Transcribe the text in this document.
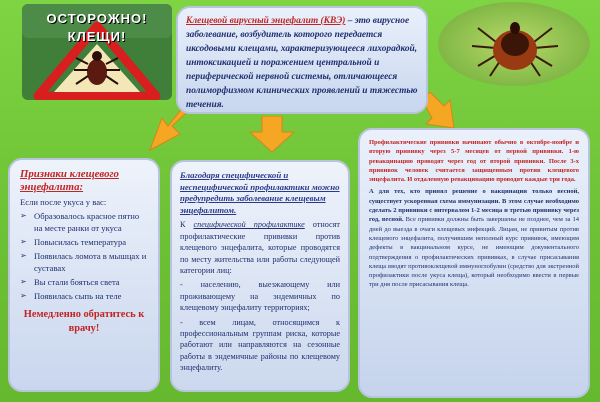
ОСТОРОЖНО!
КЛЕЩИ!
Клещевой вирусный энцефалит (КВЭ) – это вирусное заболевание, возбудитель которого передается иксодовыми клещами, характеризующееся лихорадкой, интоксикацией и поражением центральной и периферической нервной системы, отличающееся полиморфизмом клинических проявлений и тяжестью течения.
Признаки клещевого энцефалита:
Если после укуса у вас:
➢ Образовалось красное пятно на месте ранки от укуса
➢ Повысилась температура
➢ Появилась ломота в мышцах и суставах
➢ Вы стали бояться света
➢ Появилась сыпь на теле
Немедленно обратитесь к врачу!
Благодаря специфической и неспецифической профилактики можно предупредить заболевание клещевым энцефалитом.

К специфической профилактике относят профилактические прививки против клещевого энцефалита, которые проводятся по месту жительства или работы следующей категории лиц:

- населению, выезжающему или проживающему на эндемичных по клещевому энцефалиту территориях;

- всем лицам, относящимся к профессиональным группам риска, которые работают или направляются на сезонные работы в эндемичные районы по клещевому энцефалиту.

Профилактические прививки начинают обычно в октябре-ноябре и вторую прививку через 5-7 месяцев от первой прививки. 1-ю ревакцинацию проводят через год от второй прививки. После 3-х прививок человек считается защищенным против клещевого энцефалита. И отдаленную ревакцинацию проводят каждые три года.

А для тех, кто принял решение о вакцинации только весной, существует ускоренная схема иммунизации. В этом случае необходимо сделать 2 прививки с интервалом 1-2 месяца и третью прививку через год, весной. Все прививки должны быть завершены не позднее, чем за 14 дней до выезда в очаги клещевых инфекций. Лицам, не привитым против клещевого энцефалита, получившим неполный курс прививок, имеющим дефекты в вакцинальном курсе, не имеющим документального подтверждения о профилактических прививках, в случае присасывания клеща вводят противоклещевой иммуноглобулин (средство для экстренной профилактики после укуса клеща), который необходимо ввести в первые три дня после присасывания клеща.
